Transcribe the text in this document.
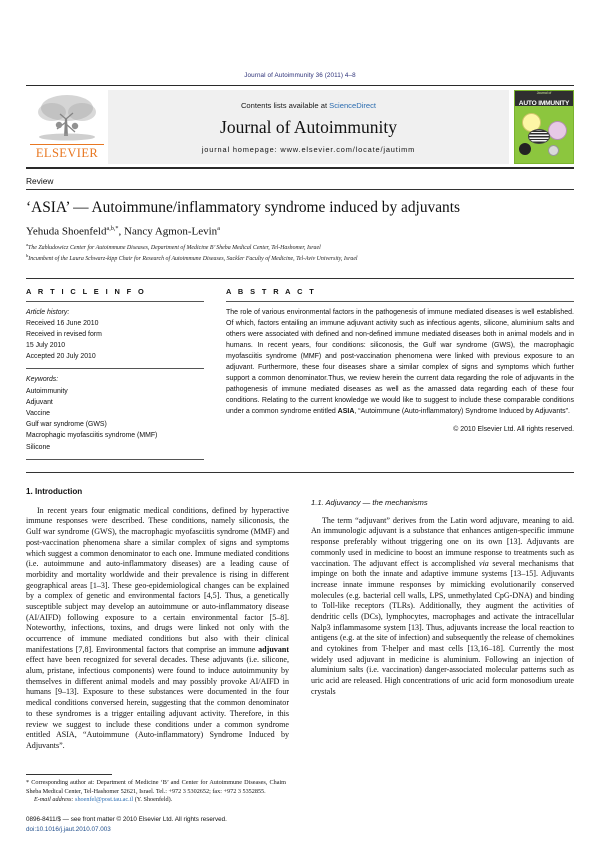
Journal of Autoimmunity 36 (2011) 4–8
ELSEVIER
Contents lists available at ScienceDirect
Journal of Autoimmunity
journal homepage: www.elsevier.com/locate/jautimm
Journal of
AUTO IMMUNITY
Review
‘ASIA’ — Autoimmune/inflammatory syndrome induced by adjuvants
Yehuda Shoenfeld$^{a,b,*}$, Nancy Agmon-Levin$^a$
$^a$The Zabludowicz Center for Autoimmune Diseases, Department of Medicine B’ Sheba Medical Center, Tel-Hashomer, Israel
$^b$Incumbent of the Laura Schwarz-kipp Chair for Research of Autoimmune Diseases, Sackler Faculty of Medicine, Tel-Aviv University, Israel
A R T I C L E I N F O
Article history:
Received 16 June 2010
Received in revised form
15 July 2010
Accepted 20 July 2010
Keywords:
Autoimmunity
Adjuvant
Vaccine
Gulf war syndrome (GWS)
Macrophagic myofasciitis syndrome (MMF)
Silicone
A B S T R A C T
The role of various environmental factors in the pathogenesis of immune mediated diseases is well established. Of which, factors entailing an immune adjuvant activity such as infectious agents, silicone, aluminium salts and others were associated with defined and non-defined immune mediated diseases both in animal models and in humans. In recent years, four conditions: siliconosis, the Gulf war syndrome (GWS), the macrophagic myofasciitis syndrome (MMF) and post-vaccination phenomena were linked with previous exposure to an adjuvant. Furthermore, these four diseases share a similar complex of signs and symptoms which further support a common denominator.Thus, we review herein the current data regarding the role of adjuvants in the pathogenesis of immune mediated diseases as well as the amassed data regarding each of these four conditions. Relating to the current knowledge we would like to suggest to include these comparable conditions under a common syndrome entitled ASIA, “Autoimmune (Auto-inflammatory) Syndrome Induced by Adjuvants”.
© 2010 Elsevier Ltd. All rights reserved.
1. Introduction

In recent years four enigmatic medical conditions, defined by hyperactive immune responses were described. These conditions, namely siliconosis, the Gulf war syndrome (GWS), the macrophagic myofasciitis syndrome (MMF) and post-vaccination phenomena share a similar complex of signs and symptoms which suggest a common denominator to each one. Immune mediated conditions (i.e. autoimmune and auto-inflammatory diseases) are a leading cause of morbidity and mortality worldwide and their prevalence is rising in different geographical areas [1–3]. These geo-epidemiological changes can be explained by a complex of genetic and environmental factors [4,5]. Thus, a genetically susceptible subject may develop an autoimmune or auto-inflammatory disease (AI/AIFD) following exposure to a certain environmental factor [5–8]. Noteworthy, infections, toxins, and drugs were linked not only with the occurrence of immune mediated conditions but also with their clinical manifestations [7,8]. Environmental factors that comprise an immune adjuvant effect have been recognized for several decades. These adjuvants (i.e. silicone, alum, pristane, infectious components) were found to induce autoimmunity by themselves in different animal models and may possibly provoke AI/AIFD in humans [9–13]. Exposure to these substances were documented in the four medical conditions conversed herein, suggesting that the common denominator to these syndromes is a trigger entailing adjuvant activity. Therefore, in this review we suggest to include these conditions under a common syndrome entitled ASIA, “Autoimmune (Auto-inflammatory) Syndrome Induced by Adjuvants”.

1.1. Adjuvancy — the mechanisms

The term “adjuvant” derives from the Latin word adjuvare, meaning to aid. An immunologic adjuvant is a substance that enhances antigen-specific immune response preferably without triggering one on its own [13]. Adjuvants are commonly used in medicine to boost an immune response to treatments such as vaccination. The adjuvant effect is accomplished via several mechanisms that impinge on both the innate and adaptive immune systems [13–15]. Adjuvants increase innate immune responses by mimicking evolutionarily conserved molecules (e.g. bacterial cell walls, LPS, unmethylated CpG-DNA) and binding to Toll-like receptors (TLRs). Additionally, they augment the activities of dendritic cells (DCs), lymphocytes, macrophages and activate the intracellular Nalp3 inflammasome system [13]. Thus, adjuvants increase the local reaction to antigens (e.g. at the site of infection) and subsequently the release of chemokines and cytokines from T-helper and mast cells [13,16–18]. Currently the most widely used adjuvant in medicine is aluminium. Following an injection of aluminium salts (i.e. vaccination) danger-associated molecular patterns such as uric acid are released. High concentrations of uric acid form monosodium ureate crystals

* Corresponding author at: Department of Medicine ‘B’ and Center for Autoimmune Diseases, Chaim Sheba Medical Center, Tel-Hashomer 52621, Israel. Tel.: +972 3 5302652; fax: +972 3 5352855.
E-mail address: shoenfel@post.tau.ac.il (Y. Shoenfeld).
0896-8411/$ — see front matter © 2010 Elsevier Ltd. All rights reserved.
doi:10.1016/j.jaut.2010.07.003
